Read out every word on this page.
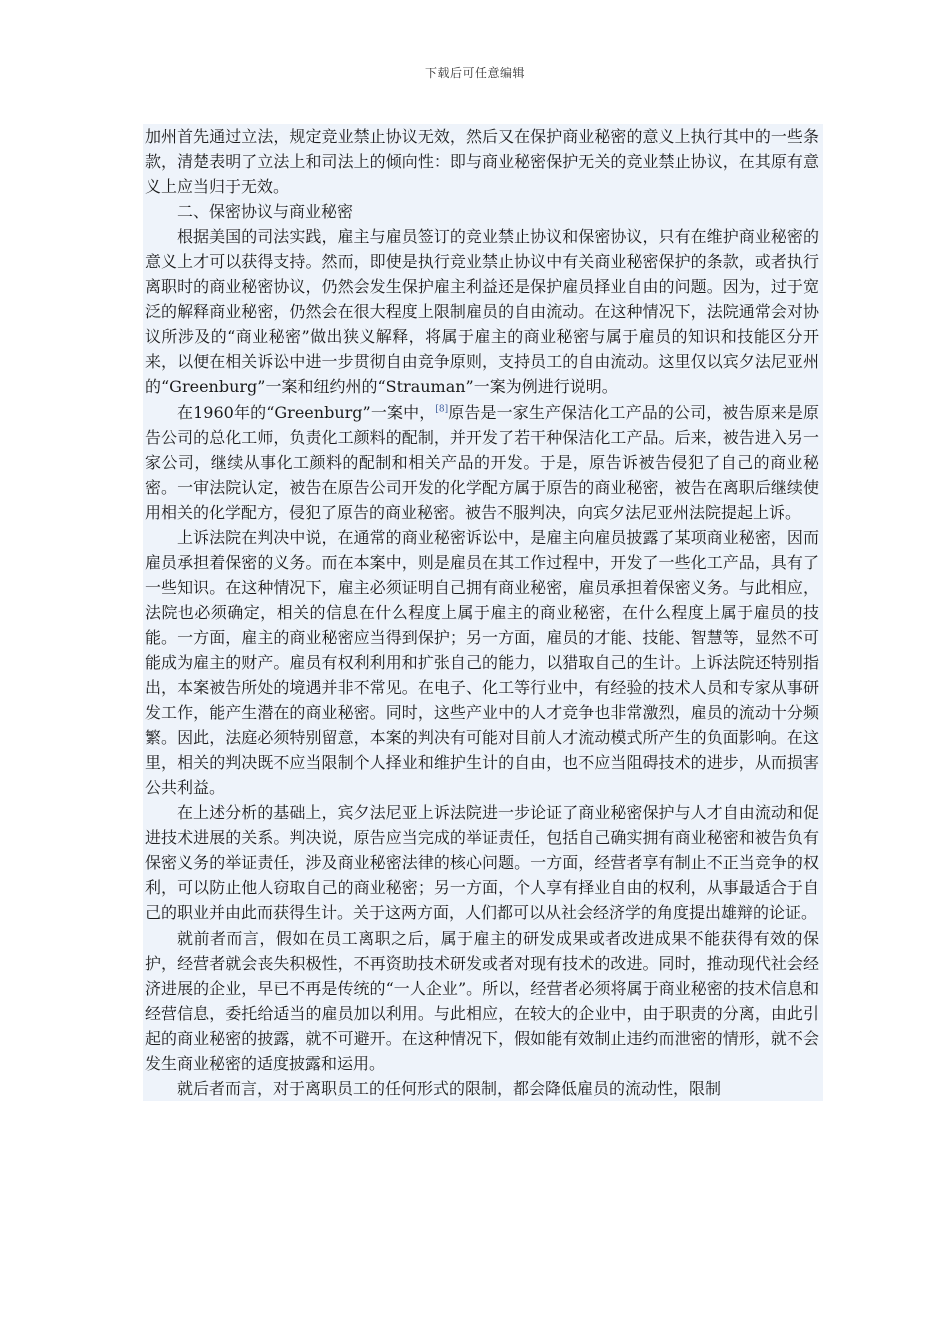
下载后可任意编辑

加州首先通过立法，规定竞业禁止协议无效，然后又在保护商业秘密的意义上执行其中的一些条款，清楚表明了立法上和司法上的倾向性：即与商业秘密保护无关的竞业禁止协议，在其原有意义上应当归于无效。

二、保密协议与商业秘密

根据美国的司法实践，雇主与雇员签订的竞业禁止协议和保密协议，只有在维护商业秘密的意义上才可以获得支持。然而，即使是执行竞业禁止协议中有关商业秘密保护的条款，或者执行离职时的商业秘密协议，仍然会发生保护雇主利益还是保护雇员择业自由的问题。因为，过于宽泛的解释商业秘密，仍然会在很大程度上限制雇员的自由流动。在这种情况下，法院通常会对协议所涉及的“商业秘密”做出狭义解释，将属于雇主的商业秘密与属于雇员的知识和技能区分开来，以便在相关诉讼中进一步贯彻自由竞争原则，支持员工的自由流动。这里仅以宾夕法尼亚州的“Greenburg”一案和纽约州的“Strauman”一案为例进行说明。

在1960年的“Greenburg”一案中，[8]原告是一家生产保洁化工产品的公司，被告原来是原告公司的总化工师，负责化工颜料的配制，并开发了若干种保洁化工产品。后来，被告进入另一家公司，继续从事化工颜料的配制和相关产品的开发。于是，原告诉被告侵犯了自己的商业秘密。一审法院认定，被告在原告公司开发的化学配方属于原告的商业秘密，被告在离职后继续使用相关的化学配方，侵犯了原告的商业秘密。被告不服判决，向宾夕法尼亚州法院提起上诉。

上诉法院在判决中说，在通常的商业秘密诉讼中，是雇主向雇员披露了某项商业秘密，因而雇员承担着保密的义务。而在本案中，则是雇员在其工作过程中，开发了一些化工产品，具有了一些知识。在这种情况下，雇主必须证明自己拥有商业秘密，雇员承担着保密义务。与此相应，法院也必须确定，相关的信息在什么程度上属于雇主的商业秘密，在什么程度上属于雇员的技能。一方面，雇主的商业秘密应当得到保护；另一方面，雇员的才能、技能、智慧等，显然不可能成为雇主的财产。雇员有权利利用和扩张自己的能力，以猎取自己的生计。上诉法院还特别指出，本案被告所处的境遇并非不常见。在电子、化工等行业中，有经验的技术人员和专家从事研发工作，能产生潜在的商业秘密。同时，这些产业中的人才竞争也非常激烈，雇员的流动十分频繁。因此，法庭必须特别留意，本案的判决有可能对目前人才流动模式所产生的负面影响。在这里，相关的判决既不应当限制个人择业和维护生计的自由，也不应当阻碍技术的进步，从而损害公共利益。

在上述分析的基础上，宾夕法尼亚上诉法院进一步论证了商业秘密保护与人才自由流动和促进技术进展的关系。判决说，原告应当完成的举证责任，包括自己确实拥有商业秘密和被告负有保密义务的举证责任，涉及商业秘密法律的核心问题。一方面，经营者享有制止不正当竞争的权利，可以防止他人窃取自己的商业秘密；另一方面，个人享有择业自由的权利，从事最适合于自己的职业并由此而获得生计。关于这两方面，人们都可以从社会经济学的角度提出雄辩的论证。

就前者而言，假如在员工离职之后，属于雇主的研发成果或者改进成果不能获得有效的保护，经营者就会丧失积极性，不再资助技术研发或者对现有技术的改进。同时，推动现代社会经济进展的企业，早已不再是传统的“一人企业”。所以，经营者必须将属于商业秘密的技术信息和经营信息，委托给适当的雇员加以利用。与此相应，在较大的企业中，由于职责的分离，由此引起的商业秘密的披露，就不可避开。在这种情况下，假如能有效制止违约而泄密的情形，就不会发生商业秘密的适度披露和运用。

就后者而言，对于离职员工的任何形式的限制，都会降低雇员的流动性，限制
